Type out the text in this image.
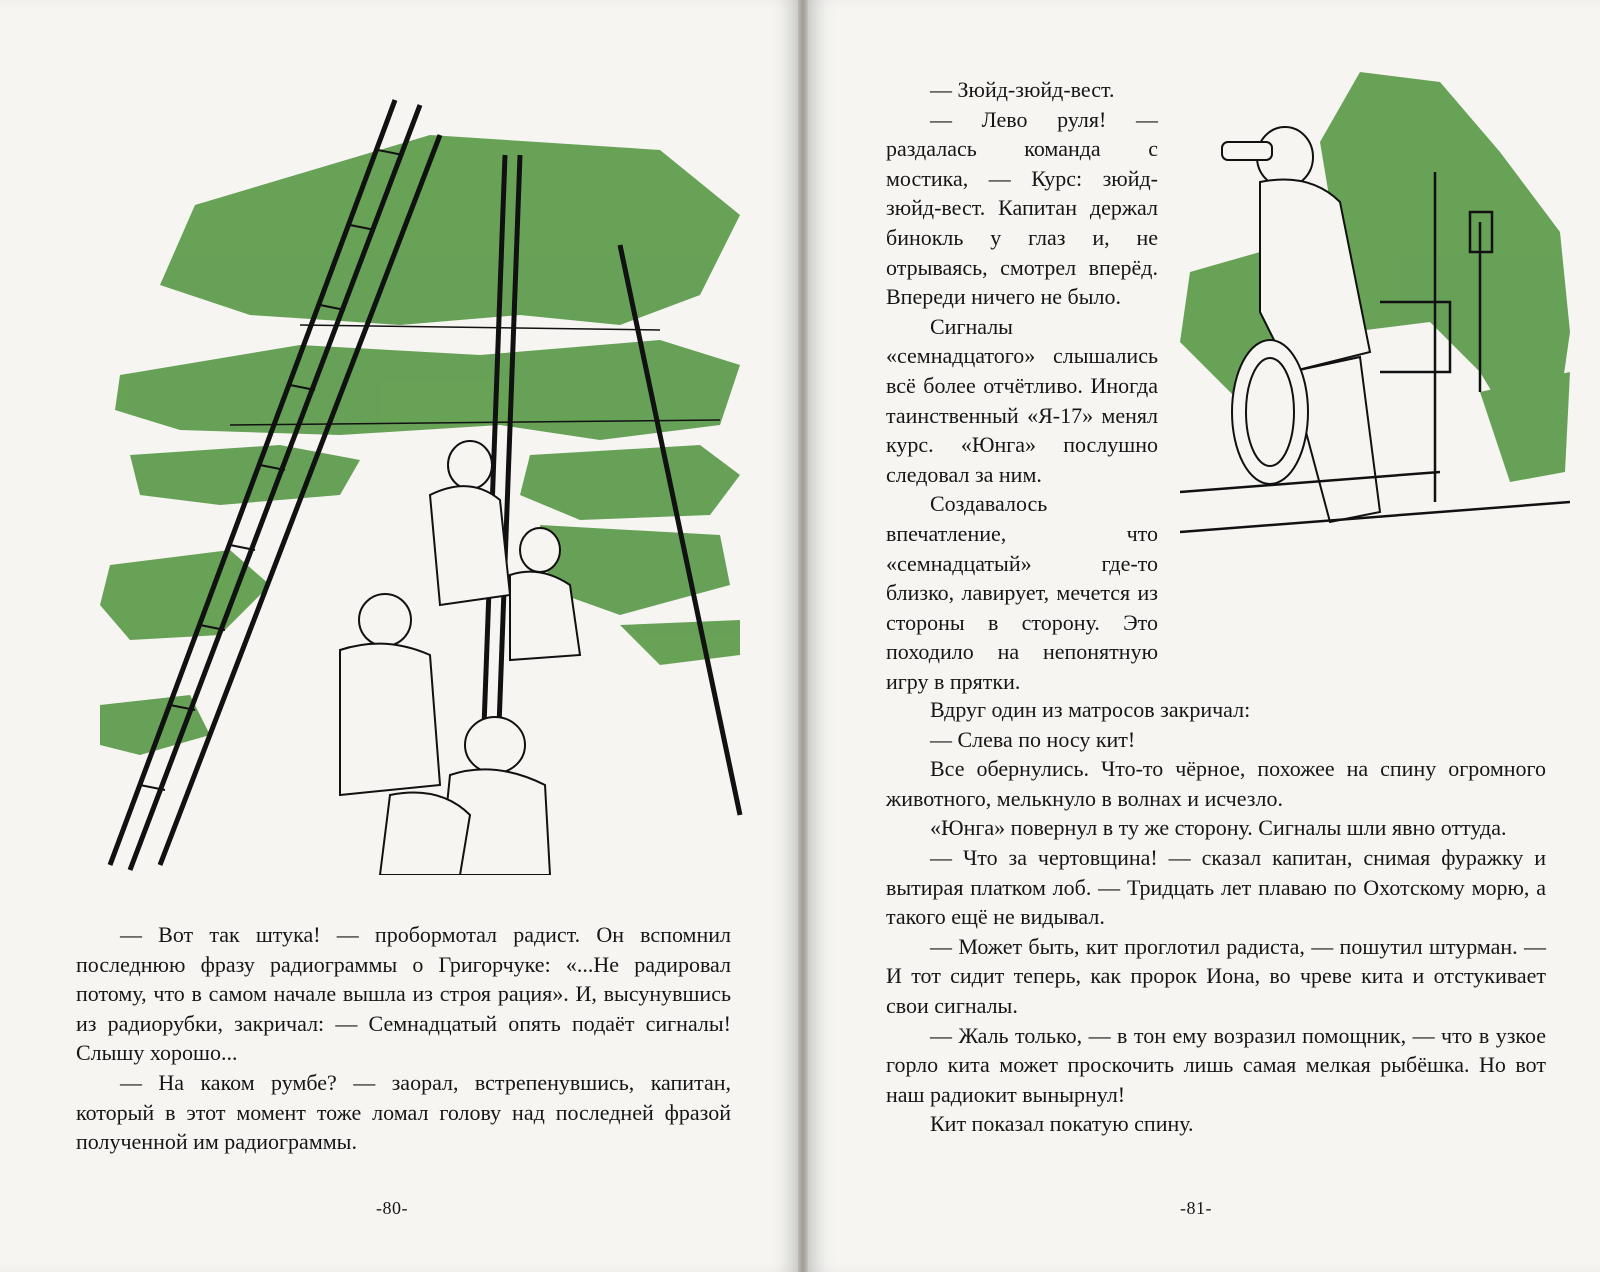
— Вот так штука! — пробормотал радист. Он вспомнил последнюю фразу радиограммы о Григорчуке: «...Не радировал потому, что в самом начале вышла из строя рация». И, высунувшись из радиорубки, закричал: — Семнадцатый опять подаёт сигналы! Слышу хорошо...

— На каком румбе? — заорал, встрепенувшись, капитан, который в этот момент тоже ломал голову над последней фразой полученной им радиограммы.

-80-

— Зюйд-зюйд-вест.

— Лево руля! — раздалась команда с мостика, — Курс: зюйд-зюйд-вест. Капитан держал бинокль у глаз и, не отрываясь, смотрел вперёд. Впереди ничего не было.

Сигналы «семнадцатого» слышались всё более отчётливо. Иногда таинственный «Я-17» менял курс. «Юнга» послушно следовал за ним.

Создавалось впечатление, что «семнадцатый» где-то близко, лавирует, мечется из стороны в сторону. Это походило на непонятную игру в прятки.

Вдруг один из матросов закричал:

— Слева по носу кит!

Все обернулись. Что-то чёрное, похожее на спину огромного животного, мелькнуло в волнах и исчезло.

«Юнга» повернул в ту же сторону. Сигналы шли явно оттуда.

— Что за чертовщина! — сказал капитан, снимая фуражку и вытирая платком лоб. — Тридцать лет плаваю по Охотскому морю, а такого ещё не видывал.

— Может быть, кит проглотил радиста, — пошутил штурман. — И тот сидит теперь, как пророк Иона, во чреве кита и отстукивает свои сигналы.

— Жаль только, — в тон ему возразил помощник, — что в узкое горло кита может проскочить лишь самая мелкая рыбёшка. Но вот наш радиокит вынырнул!

Кит показал покатую спину.

-81-
